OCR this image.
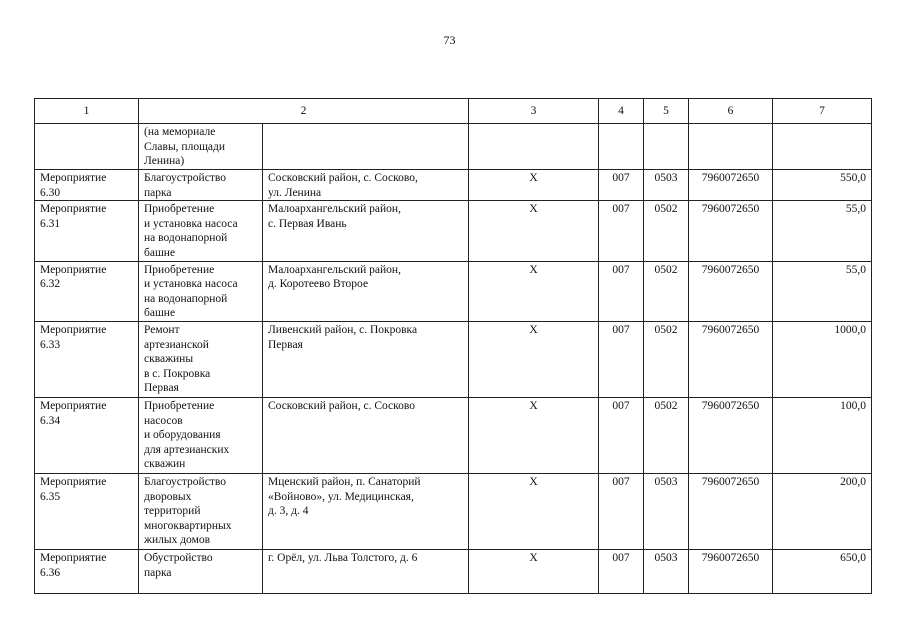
73
1	2		3	4	5	6	7
	(на мемориале
Славы, площади
Ленина)						
Мероприятие
6.30	Благоустройство
парка	Сосковский район, с. Сосково,
ул. Ленина	X	007	0503	7960072650	550,0
Мероприятие
6.31	Приобретение
и установка насоса
на водонапорной
башне	Малоархангельский район,
с. Первая Ивань	X	007	0502	7960072650	55,0
Мероприятие
6.32	Приобретение
и установка насоса
на водонапорной
башне	Малоархангельский район,
д. Коротеево Второе	X	007	0502	7960072650	55,0
Мероприятие
6.33	Ремонт
артезианской
скважины
в с. Покровка
Первая	Ливенский район, с. Покровка
Первая	X	007	0502	7960072650	1000,0
Мероприятие
6.34	Приобретение
насосов
и оборудования
для артезианских
скважин	Сосковский район, с. Сосково	X	007	0502	7960072650	100,0
Мероприятие
6.35	Благоустройство
дворовых
территорий
многоквартирных
жилых домов	Мценский район, п. Санаторий
«Войново», ул. Медицинская,
д. 3, д. 4	X	007	0503	7960072650	200,0
Мероприятие
6.36	Обустройство
парка	г. Орёл, ул. Льва Толстого, д. 6	X	007	0503	7960072650	650,0
